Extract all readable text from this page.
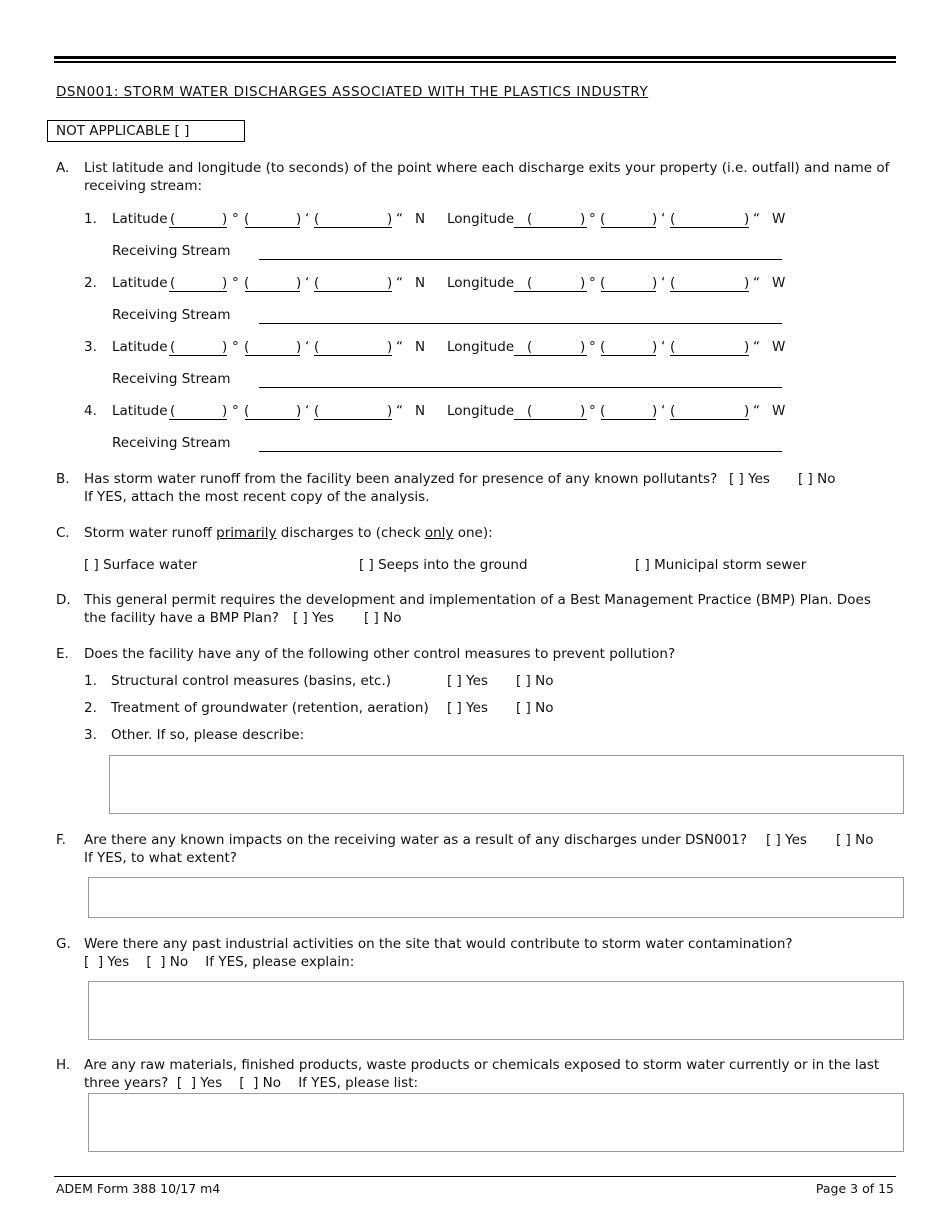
DSN001: STORM WATER DISCHARGES ASSOCIATED WITH THE PLASTICS INDUSTRY
NOT APPLICABLE [ ]
A. List latitude and longitude (to seconds) of the point where each discharge exits your property (i.e. outfall) and name of
receiving stream:
1. Latitude (	) ° (	) ‘ (	) “ N Longitude (	) ° (	) ‘ (	) “ W
Receiving Stream
2. Latitude (	) ° (	) ‘ (	) “ N Longitude (	) ° (	) ‘ (	) “ W
Receiving Stream
3. Latitude (	) ° (	) ‘ (	) “ N Longitude (	) ° (	) ‘ (	) “ W
Receiving Stream
4. Latitude (	) ° (	) ‘ (	) “ N Longitude (	) ° (	) ‘ (	) “ W
Receiving Stream
B. Has storm water runoff from the facility been analyzed for presence of any known pollutants? [ ] Yes [ ] No
If YES, attach the most recent copy of the analysis.
C. Storm water runoff primarily discharges to (check only one):
[ ] Surface water	[ ] Seeps into the ground	[ ] Municipal storm sewer
D. This general permit requires the development and implementation of a Best Management Practice (BMP) Plan. Does
the facility have a BMP Plan? [ ] Yes [ ] No
E. Does the facility have any of the following other control measures to prevent pollution?
1. Structural control measures (basins, etc.)	[ ] Yes [ ] No
2. Treatment of groundwater (retention, aeration) [ ] Yes [ ] No
3. Other. If so, please describe:
F. Are there any known impacts on the receiving water as a result of any discharges under DSN001? [ ] Yes [ ] No
If YES, to what extent?
G. Were there any past industrial activities on the site that would contribute to storm water contamination?
[  ] Yes    [  ] No    If YES, please explain:
H. Are any raw materials, finished products, waste products or chemicals exposed to storm water currently or in the last
three years?  [  ] Yes    [  ] No    If YES, please list:
ADEM Form 388 10/17 m4	Page 3 of 15
